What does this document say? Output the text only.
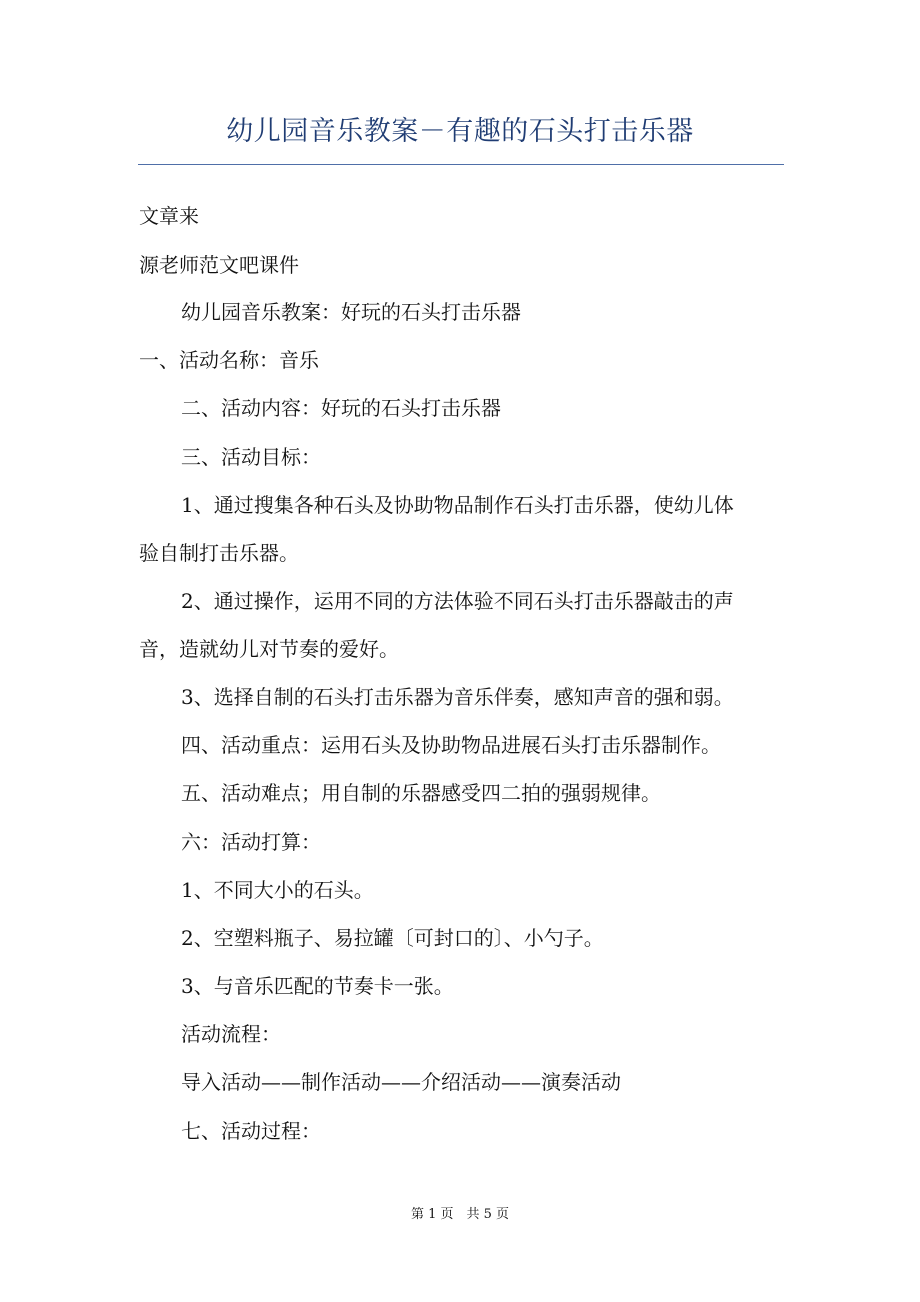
幼儿园音乐教案－有趣的石头打击乐器
文章来
源老师范文吧课件
幼儿园音乐教案：好玩的石头打击乐器
一、活动名称：音乐
二、活动内容：好玩的石头打击乐器
三、活动目标：
1、通过搜集各种石头及协助物品制作石头打击乐器，使幼儿体
验自制打击乐器。
2、通过操作，运用不同的方法体验不同石头打击乐器敲击的声
音，造就幼儿对节奏的爱好。
3、选择自制的石头打击乐器为音乐伴奏，感知声音的强和弱。
四、活动重点：运用石头及协助物品进展石头打击乐器制作。
五、活动难点；用自制的乐器感受四二拍的强弱规律。
六：活动打算：
1、不同大小的石头。
2、空塑料瓶子、易拉罐〔可封口的〕、小勺子。
3、与音乐匹配的节奏卡一张。
活动流程：
导入活动——制作活动——介绍活动——演奏活动
七、活动过程：
第 1 页　共 5 页
